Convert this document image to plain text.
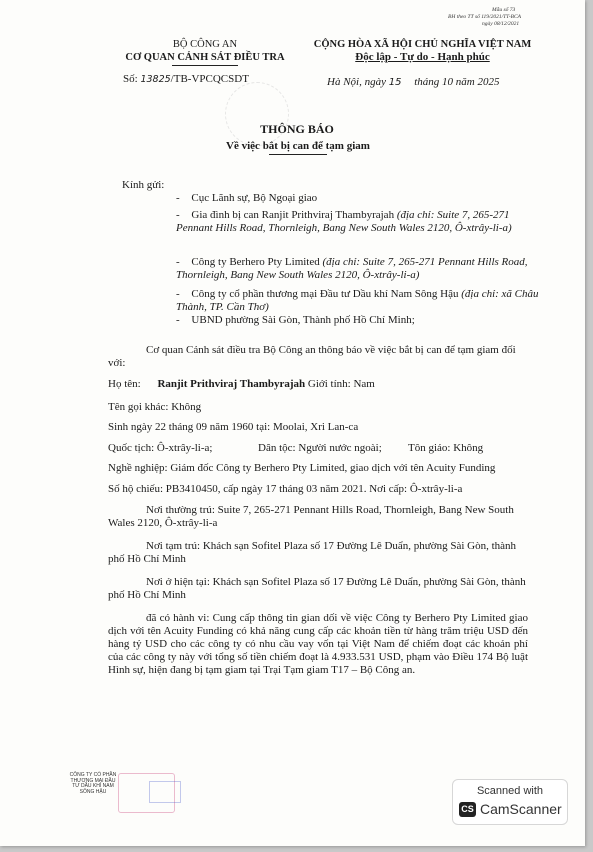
Mẫu số 73
BH theo TT số 119/2021/TT-BCA
ngày 08/12/2021
BỘ CÔNG AN
CƠ QUAN CẢNH SÁT ĐIỀU TRA
Số: 13825/TB-VPCQCSDT
CỘNG HÒA XÃ HỘI CHỦ NGHĨA VIỆT NAM
Độc lập - Tự do - Hạnh phúc
Hà Nội, ngày 15 tháng 10 năm 2025
THÔNG BÁO
Về việc bắt bị can để tạm giam
Kính gửi:
- Cục Lãnh sự, Bộ Ngoại giao
- Gia đình bị can Ranjit Prithviraj Thambyrajah (địa chỉ: Suite 7, 265-271 Pennant Hills Road, Thornleigh, Bang New South Wales 2120, Ô-xtrây-li-a)
- Công ty Berhero Pty Limited (địa chỉ: Suite 7, 265-271 Pennant Hills Road, Thornleigh, Bang New South Wales 2120, Ô-xtrây-li-a)
- Công ty cổ phần thương mại Đầu tư Dầu khí Nam Sông Hậu (địa chỉ: xã Châu Thành, TP. Cần Thơ)
- UBND phường Sài Gòn, Thành phố Hồ Chí Minh;
Cơ quan Cảnh sát điều tra Bộ Công an thông báo về việc bắt bị can để tạm giam đối với:
Họ tên: Ranjit Prithviraj Thambyrajah Giới tính: Nam
Tên gọi khác: Không
Sinh ngày 22 tháng 09 năm 1960 tại: Moolai, Xri Lan-ca
Quốc tịch: Ô-xtrây-li-a;	Dân tộc: Người nước ngoài; Tôn giáo: Không
Nghề nghiệp: Giám đốc Công ty Berhero Pty Limited, giao dịch với tên Acuity Funding
Số hộ chiếu: PB3410450, cấp ngày 17 tháng 03 năm 2021. Nơi cấp: Ô-xtrây-li-a
Nơi thường trú: Suite 7, 265-271 Pennant Hills Road, Thornleigh, Bang New South Wales 2120, Ô-xtrây-li-a
Nơi tạm trú: Khách sạn Sofitel Plaza số 17 Đường Lê Duẩn, phường Sài Gòn, thành phố Hồ Chí Minh
Nơi ở hiện tại: Khách sạn Sofitel Plaza số 17 Đường Lê Duẩn, phường Sài Gòn, thành phố Hồ Chí Minh
đã có hành vi: Cung cấp thông tin gian dối về việc Công ty Berhero Pty Limited giao dịch với tên Acuity Funding có khả năng cung cấp các khoản tiền từ hàng trăm triệu USD đến hàng tỷ USD cho các công ty có nhu cầu vay vốn tại Việt Nam để chiếm đoạt các khoản phí của các công ty này với tổng số tiền chiếm đoạt là 4.933.531 USD, phạm vào Điều 174 Bộ luật Hình sự, hiện đang bị tạm giam tại Trại Tạm giam T17 – Bộ Công an.
CÔNG TY CỔ PHẦN
THƯƠNG MẠI ĐẦU
TƯ DẦU KHÍ NAM
SÔNG HẬU	Scanned with
CS CamScanner
